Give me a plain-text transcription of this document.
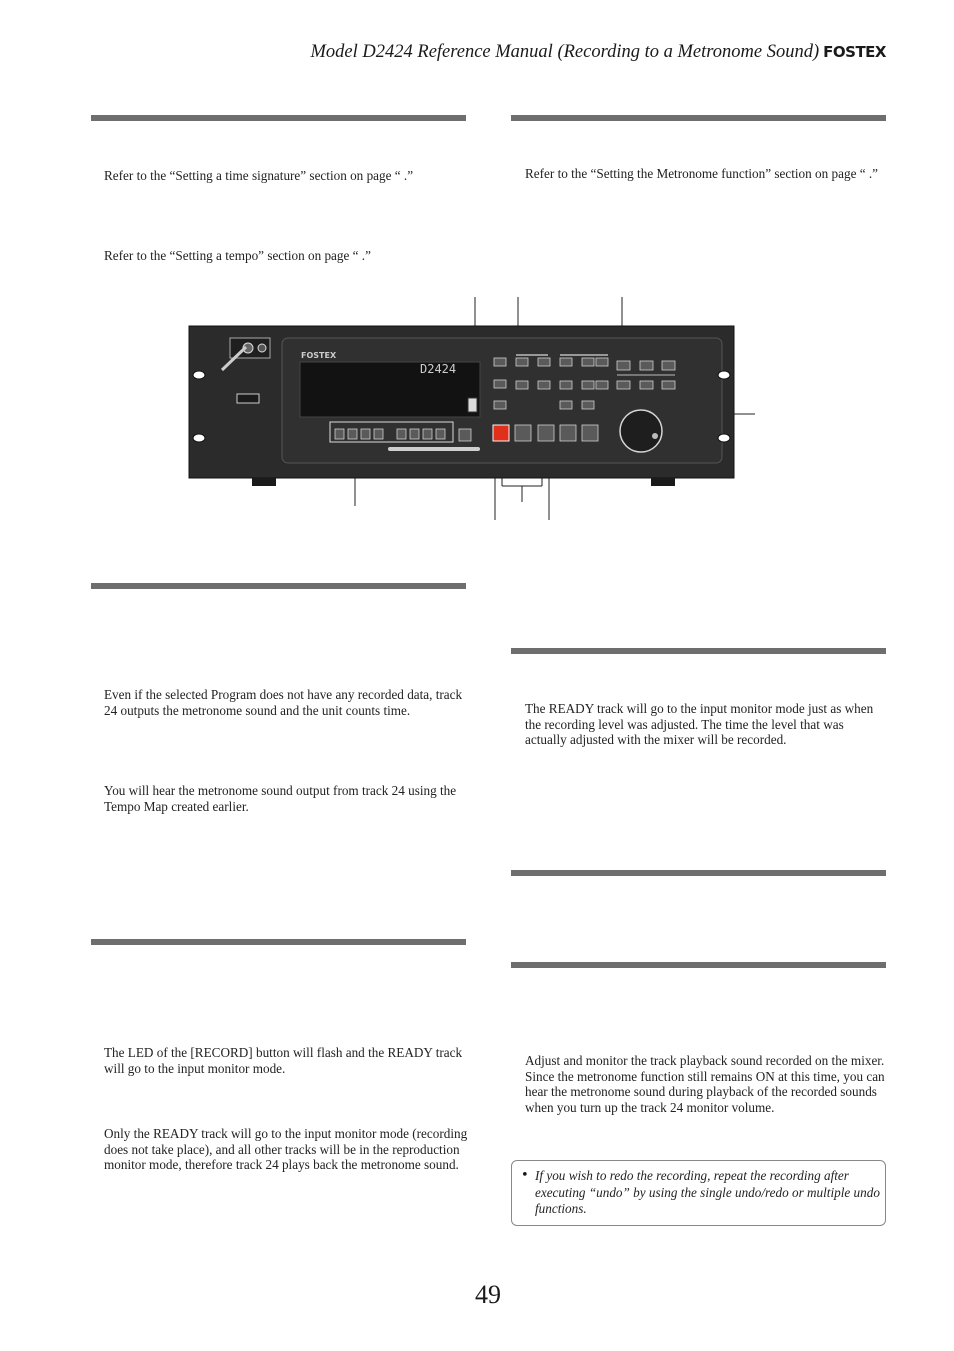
Model D2424 Reference Manual (Recording to a Metronome Sound) FOSTEX
Refer to the “Setting a time signature” section on page “ .”
Refer to the “Setting a tempo” section on page “ .”
Even if the selected Program does not have any recorded data, track 24 outputs the metronome sound and the unit counts time.
You will hear the metronome sound output from track 24 using the Tempo Map created earlier.
The LED of the [RECORD] button will flash and the READY track will go to the input monitor mode.
Only the READY track will go to the input monitor mode (recording does not take place), and all other tracks will be in the reproduction monitor mode, therefore track 24 plays back the metronome sound.
Refer to the “Setting the Metronome function” section on page “ .”
The READY track will go to the input monitor mode just as when the recording level was adjusted. The time the level that was actually adjusted with the mixer will be recorded.
Adjust and monitor the track playback sound recorded on the mixer. Since the metronome function still remains ON at this time, you can hear the metronome sound during playback of the recorded sounds when you turn up the track 24 monitor volume.
• If you wish to redo the recording, repeat the recording after executing “undo” by using the single undo/redo or multiple undo functions.
FOSTEX
D2424
49
